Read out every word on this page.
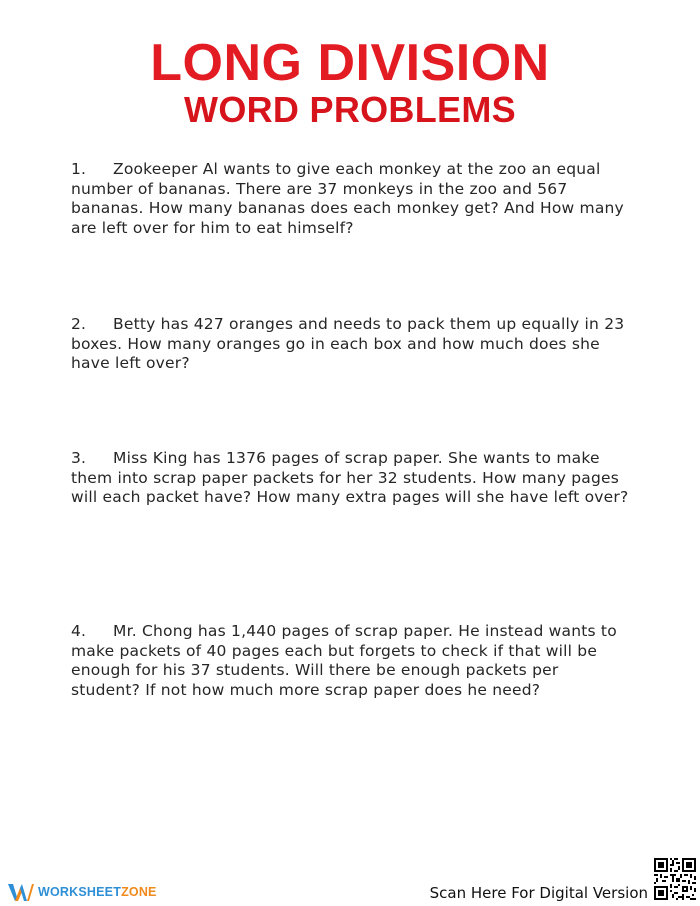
LONG DIVISION
WORD PROBLEMS
1. Zookeeper Al wants to give each monkey at the zoo an equal number of bananas. There are 37 monkeys in the zoo and 567 bananas. How many bananas does each monkey get? And How many are left over for him to eat himself?
2. Betty has 427 oranges and needs to pack them up equally in 23 boxes. How many oranges go in each box and how much does she have left over?
3. Miss King has 1376 pages of scrap paper. She wants to make them into scrap paper packets for her 32 students. How many pages will each packet have? How many extra pages will she have left over?
4. Mr. Chong has 1,440 pages of scrap paper. He instead wants to make packets of 40 pages each but forgets to check if that will be enough for his 37 students. Will there be enough packets per student? If not how much more scrap paper does he need?
WORKSHEETZONE	Scan Here For Digital Version
